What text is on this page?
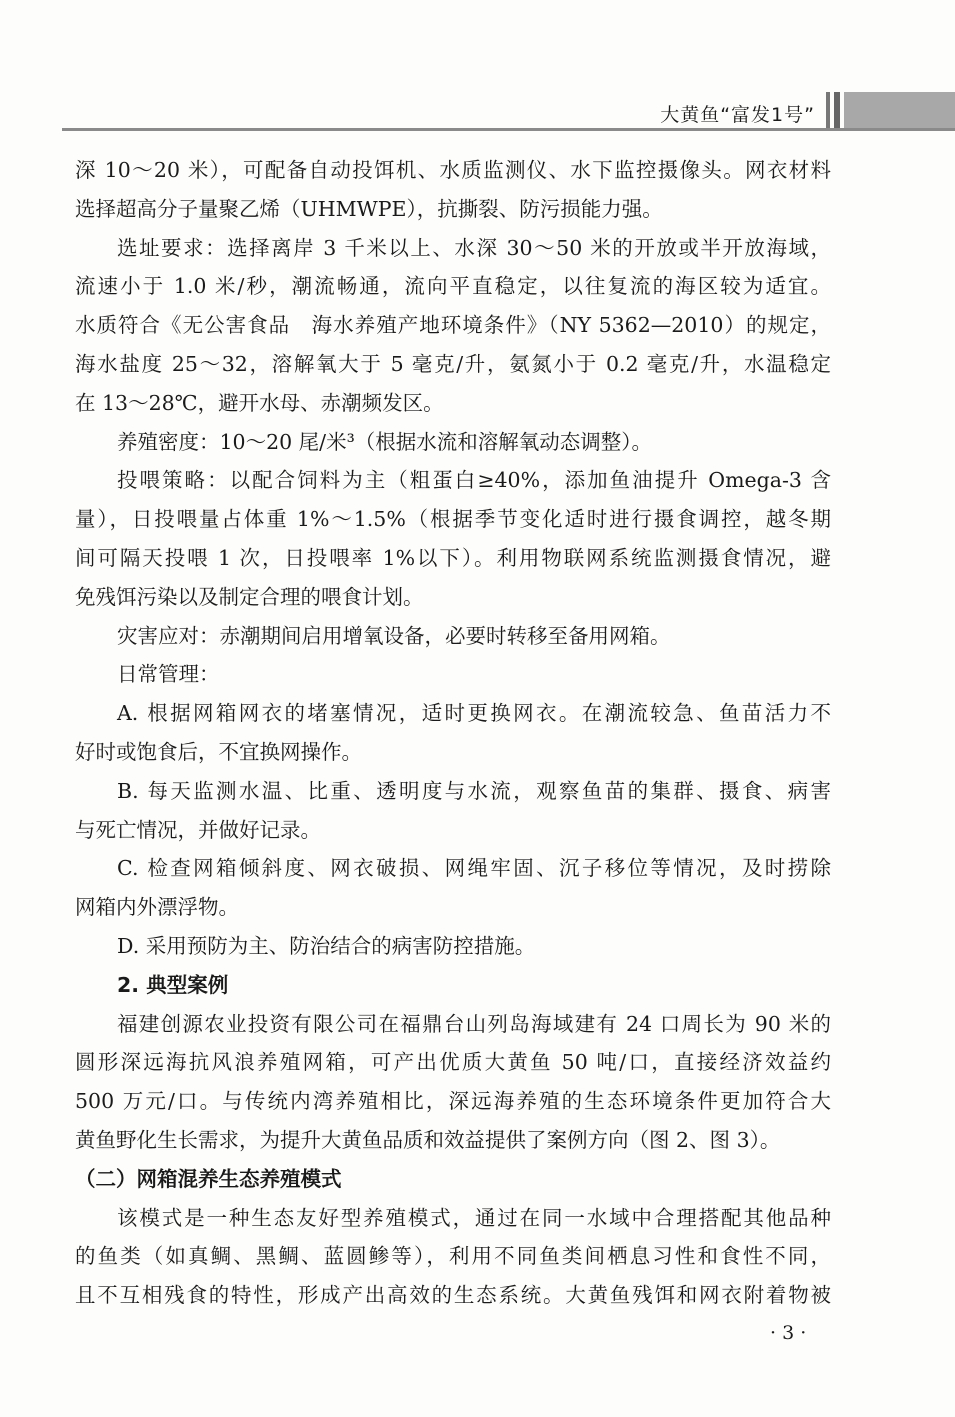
大黄鱼“富发1号”
深 10～20 米），可配备自动投饵机、水质监测仪、水下监控摄像头。网衣材料
选择超高分子量聚乙烯（UHMWPE），抗撕裂、防污损能力强。
选址要求：选择离岸 3 千米以上、水深 30～50 米的开放或半开放海域，
流速小于 1.0 米/秒，潮流畅通，流向平直稳定，以往复流的海区较为适宜。
水质符合《无公害食品　海水养殖产地环境条件》（NY 5362—2010）的规定，
海水盐度 25～32，溶解氧大于 5 毫克/升，氨氮小于 0.2 毫克/升，水温稳定
在 13～28℃，避开水母、赤潮频发区。
养殖密度：10～20 尾/米³（根据水流和溶解氧动态调整）。
投喂策略：以配合饲料为主（粗蛋白≥40%，添加鱼油提升 Omega-3 含
量），日投喂量占体重 1%～1.5%（根据季节变化适时进行摄食调控，越冬期
间可隔天投喂 1 次，日投喂率 1%以下）。利用物联网系统监测摄食情况，避
免残饵污染以及制定合理的喂食计划。
灾害应对：赤潮期间启用增氧设备，必要时转移至备用网箱。
日常管理：
A. 根据网箱网衣的堵塞情况，适时更换网衣。在潮流较急、鱼苗活力不
好时或饱食后，不宜换网操作。
B. 每天监测水温、比重、透明度与水流，观察鱼苗的集群、摄食、病害
与死亡情况，并做好记录。
C. 检查网箱倾斜度、网衣破损、网绳牢固、沉子移位等情况，及时捞除
网箱内外漂浮物。
D. 采用预防为主、防治结合的病害防控措施。
2. 典型案例
福建创源农业投资有限公司在福鼎台山列岛海域建有 24 口周长为 90 米的
圆形深远海抗风浪养殖网箱，可产出优质大黄鱼 50 吨/口，直接经济效益约
500 万元/口。与传统内湾养殖相比，深远海养殖的生态环境条件更加符合大
黄鱼野化生长需求，为提升大黄鱼品质和效益提供了案例方向（图 2、图 3）。
（二）网箱混养生态养殖模式
该模式是一种生态友好型养殖模式，通过在同一水域中合理搭配其他品种
的鱼类（如真鲷、黑鲷、蓝圆鲹等），利用不同鱼类间栖息习性和食性不同，
且不互相残食的特性，形成产出高效的生态系统。大黄鱼残饵和网衣附着物被
· 3 ·
